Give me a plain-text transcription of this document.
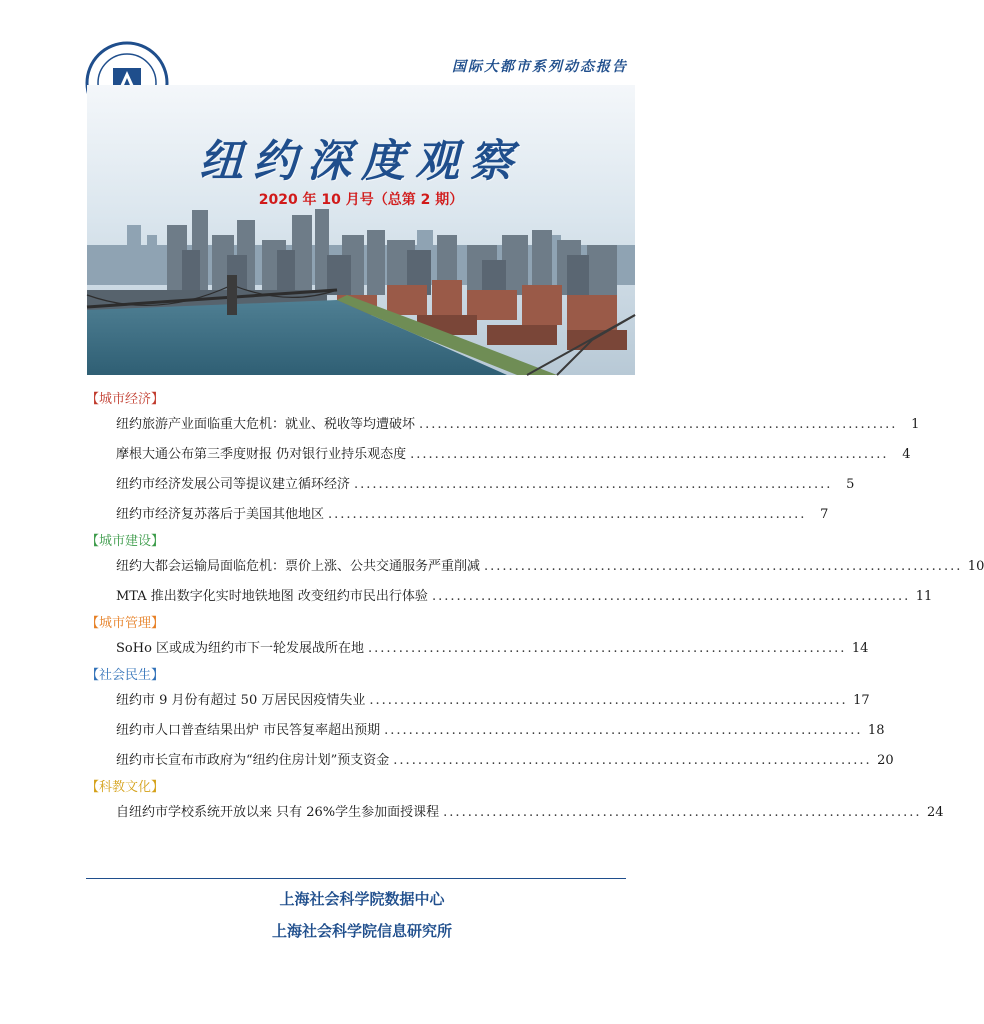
国际大都市系列动态报告
纽约深度观察
2020 年 10 月号（总第 2 期）
【城市经济】
纽约旅游产业面临重大危机：就业、税收等均遭破坏 ..............................................................................	1
摩根大通公布第三季度财报 仍对银行业持乐观态度 ..............................................................................	4
纽约市经济发展公司等提议建立循环经济 ..............................................................................	5
纽约市经济复苏落后于美国其他地区 ..............................................................................	7
【城市建设】
纽约大都会运输局面临危机：票价上涨、公共交通服务严重削减 .............................................................................. 10
MTA 推出数字化实时地铁地图 改变纽约市民出行体验 .............................................................................. 11
【城市管理】
SoHo 区或成为纽约市下一轮发展战所在地 .............................................................................. 14
【社会民生】
纽约市 9 月份有超过 50 万居民因疫情失业 .............................................................................. 17
纽约市人口普查结果出炉 市民答复率超出预期 .............................................................................. 18
纽约市长宣布市政府为“纽约住房计划”预支资金 .............................................................................. 20
【科教文化】
自纽约市学校系统开放以来 只有 26%学生参加面授课程 .............................................................................. 24
上海社会科学院数据中心
上海社会科学院信息研究所
